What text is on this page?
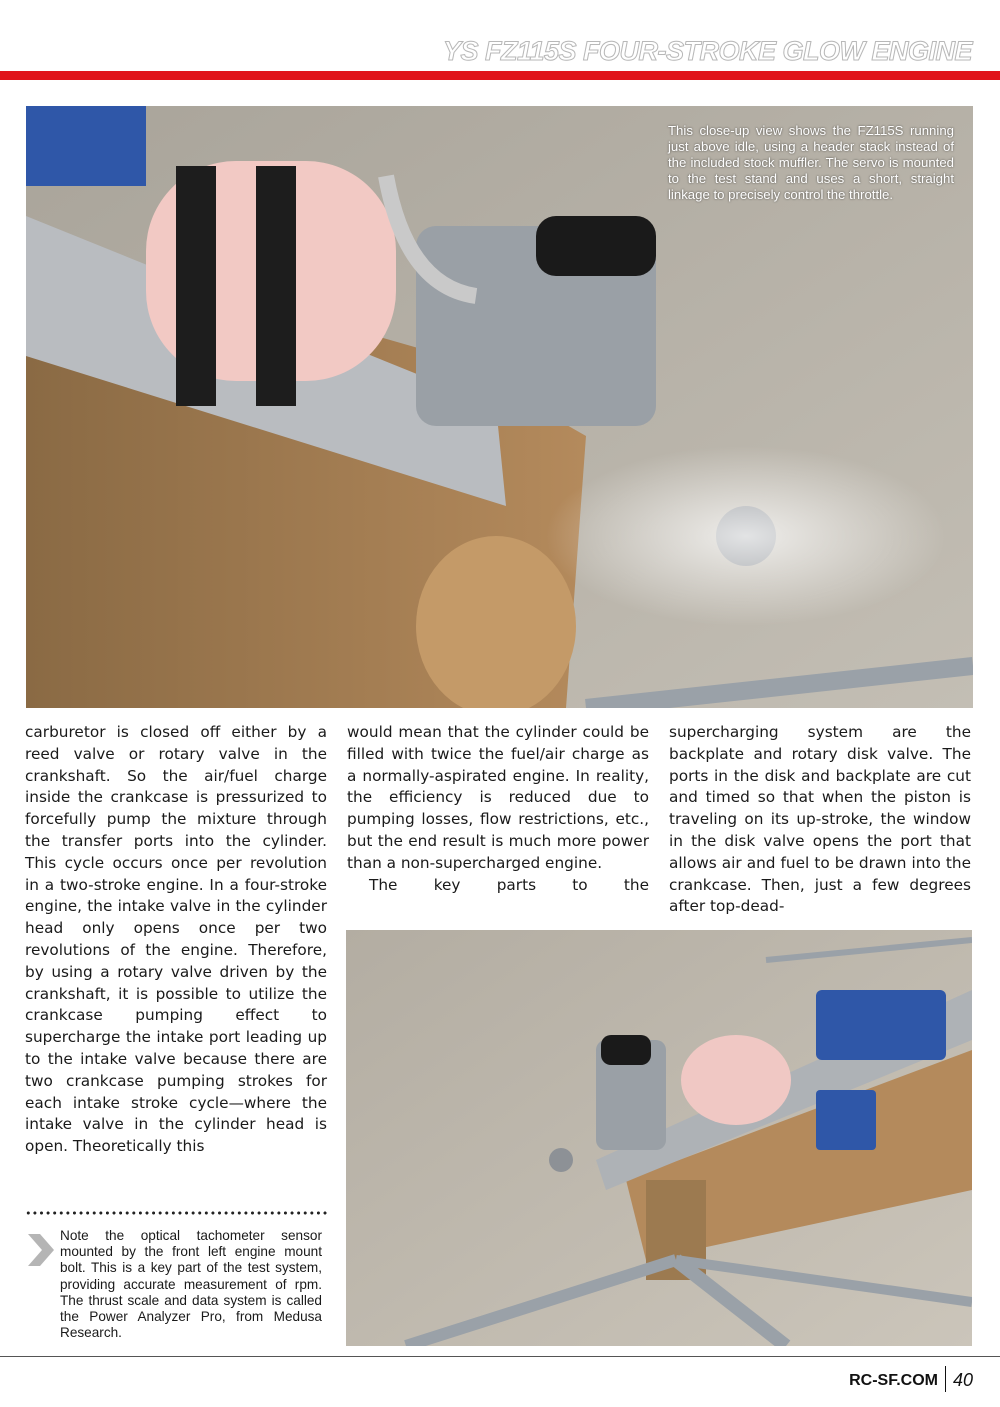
YS FZ115S FOUR-STROKE GLOW ENGINE
This close-up view shows the FZ115S running just above idle, using a header stack instead of the included stock muffler. The servo is mounted to the test stand and uses a short, straight linkage to precisely control the throttle.

carburetor is closed off either by a reed valve or rotary valve in the crankshaft. So the air/fuel charge inside the crankcase is pressurized to forcefully pump the mixture through the transfer ports into the cylinder. This cycle occurs once per revolution in a two-stroke engine. In a four-stroke engine, the intake valve in the cylinder head only opens once per two revolutions of the engine. Therefore, by using a rotary valve driven by the crankshaft, it is possible to utilize the crankcase pumping effect to supercharge the intake port leading up to the intake valve because there are two crankcase pumping strokes for each intake stroke cycle—where the intake valve in the cylinder head is open. Theoretically this

would mean that the cylinder could be filled with twice the fuel/air charge as a normally-aspirated engine. In reality, the efficiency is reduced due to pumping losses, flow restrictions, etc., but the end result is much more power than a non-supercharged engine.

The key parts to the

supercharging system are the backplate and rotary disk valve. The ports in the disk and backplate are cut and timed so that when the piston is traveling on its up-stroke, the window in the disk valve opens the port that allows air and fuel to be drawn into the crankcase. Then, just a few degrees after top-dead-

Note the optical tachometer sensor mounted by the front left engine mount bolt. This is a key part of the test system, providing accurate measurement of rpm. The thrust scale and data system is called the Power Analyzer Pro, from Medusa Research.
RC-SF.COM 40
